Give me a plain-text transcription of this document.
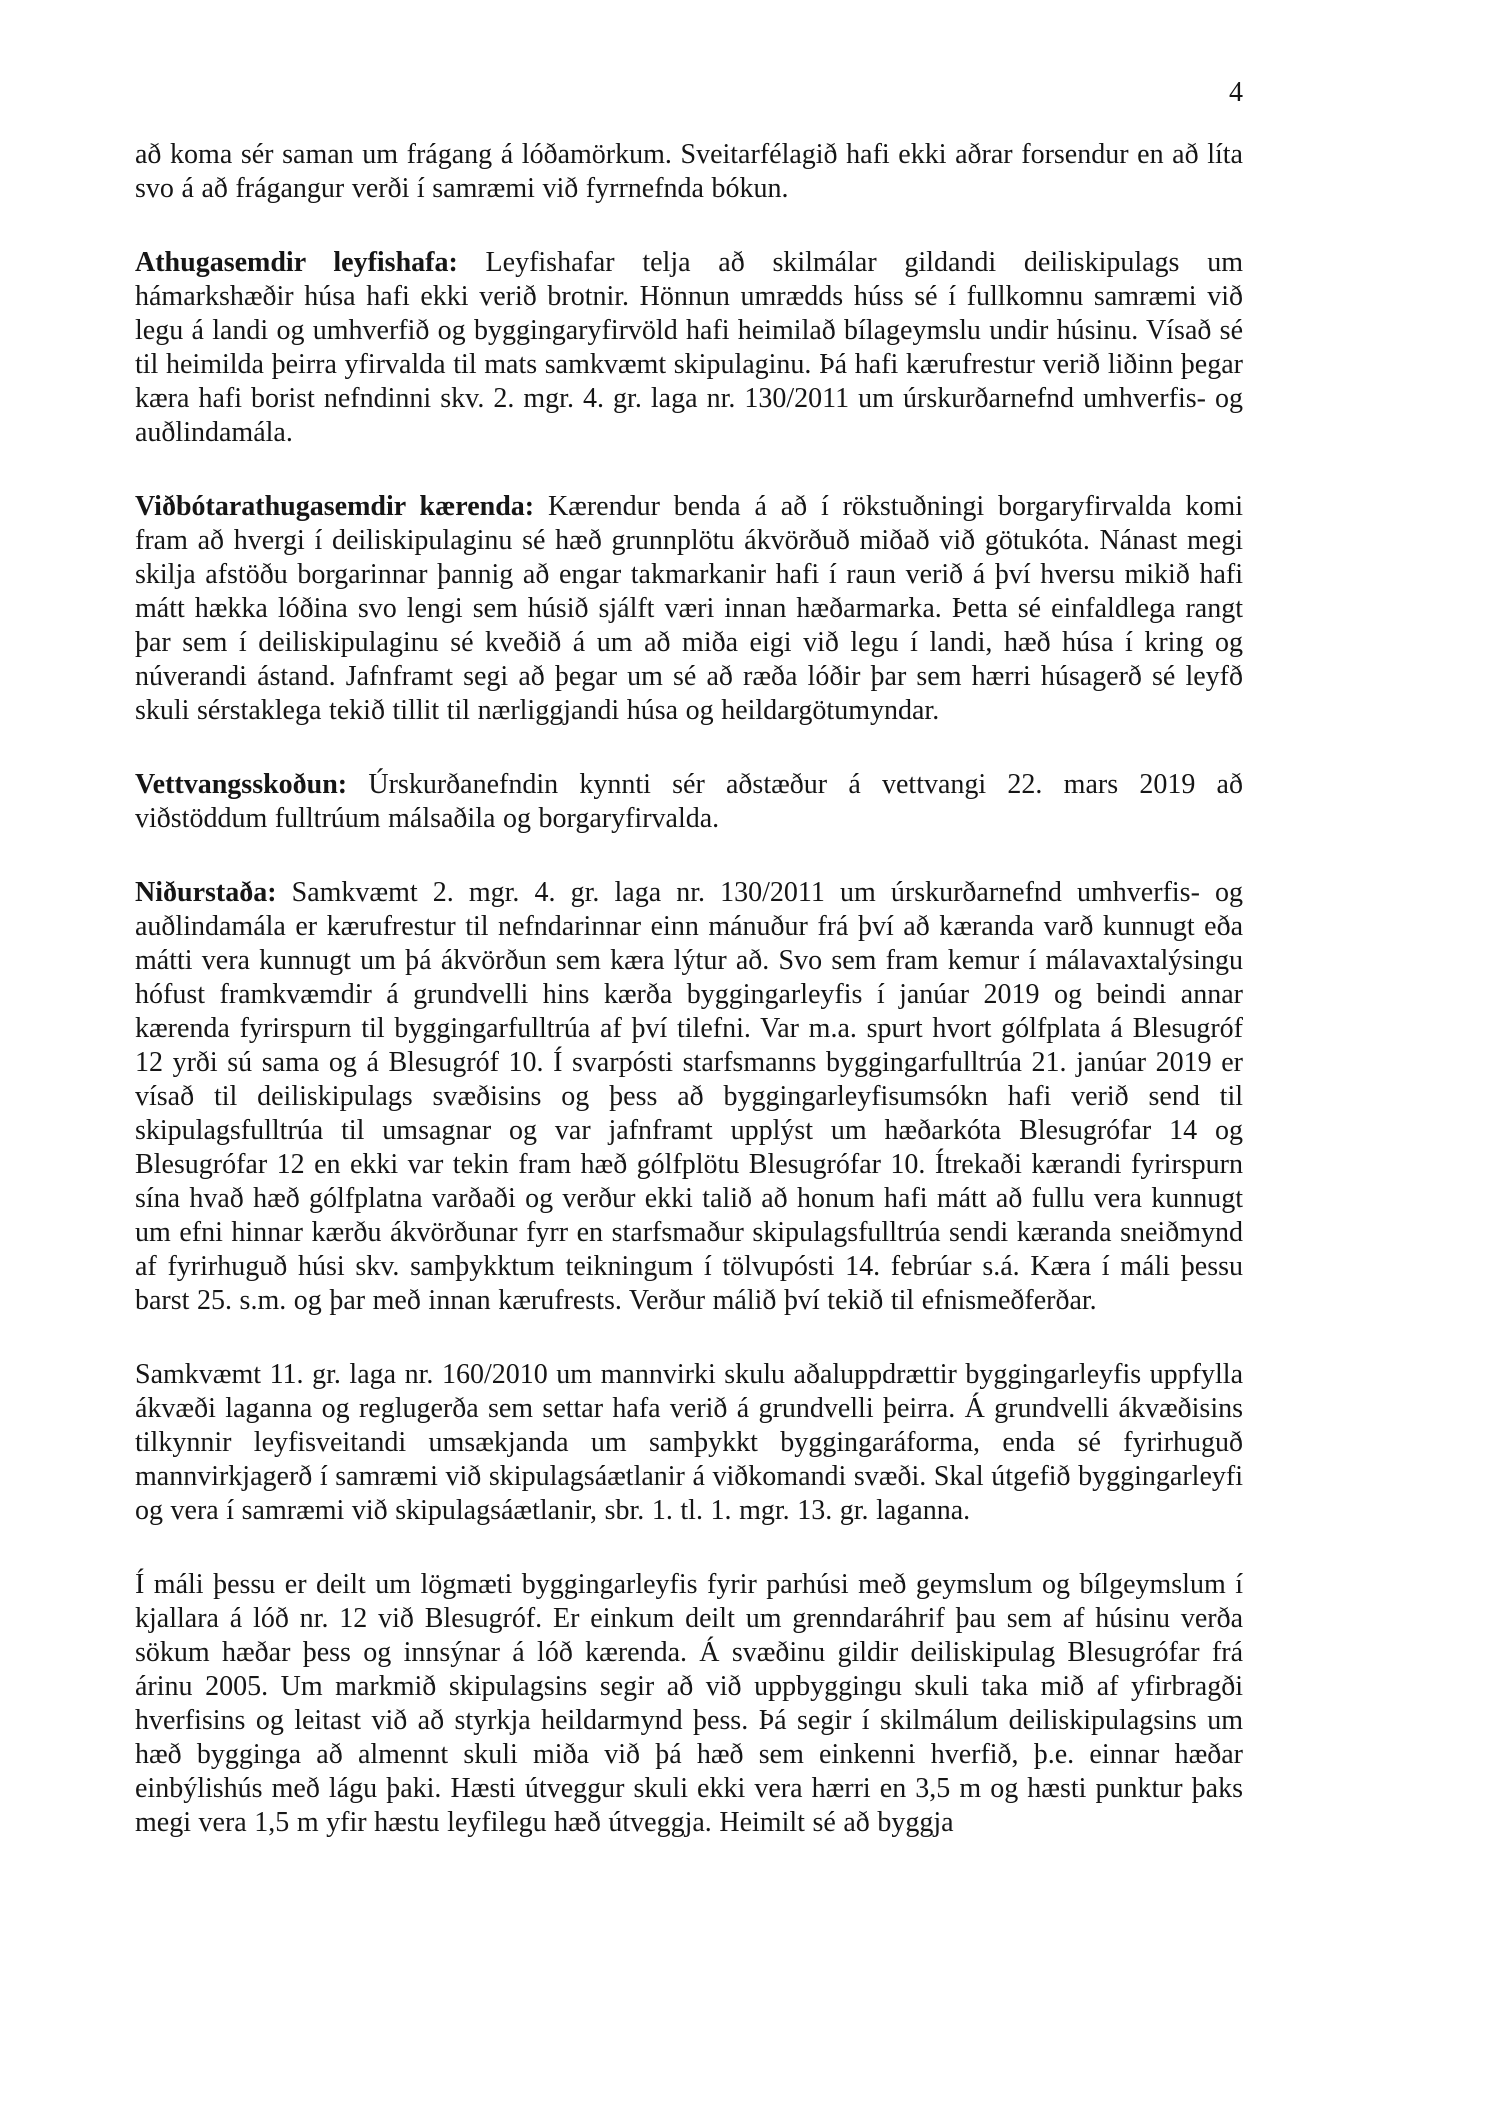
4

að koma sér saman um frágang á lóðamörkum. Sveitarfélagið hafi ekki aðrar forsendur en að líta svo á að frágangur verði í samræmi við fyrrnefnda bókun.

Athugasemdir leyfishafa: Leyfishafar telja að skilmálar gildandi deiliskipulags um hámarkshæðir húsa hafi ekki verið brotnir. Hönnun umrædds húss sé í fullkomnu samræmi við legu á landi og umhverfið og byggingaryfirvöld hafi heimilað bílageymslu undir húsinu. Vísað sé til heimilda þeirra yfirvalda til mats samkvæmt skipulaginu. Þá hafi kærufrestur verið liðinn þegar kæra hafi borist nefndinni skv. 2. mgr. 4. gr. laga nr. 130/2011 um úrskurðarnefnd umhverfis- og auðlindamála.

Viðbótarathugasemdir kærenda: Kærendur benda á að í rökstuðningi borgaryfirvalda komi fram að hvergi í deiliskipulaginu sé hæð grunnplötu ákvörðuð miðað við götukóta. Nánast megi skilja afstöðu borgarinnar þannig að engar takmarkanir hafi í raun verið á því hversu mikið hafi mátt hækka lóðina svo lengi sem húsið sjálft væri innan hæðarmarka. Þetta sé einfaldlega rangt þar sem í deiliskipulaginu sé kveðið á um að miða eigi við legu í landi, hæð húsa í kring og núverandi ástand. Jafnframt segi að þegar um sé að ræða lóðir þar sem hærri húsagerð sé leyfð skuli sérstaklega tekið tillit til nærliggjandi húsa og heildargötumyndar.

Vettvangsskoðun: Úrskurðanefndin kynnti sér aðstæður á vettvangi 22. mars 2019 að viðstöddum fulltrúum málsaðila og borgaryfirvalda.

Niðurstaða: Samkvæmt 2. mgr. 4. gr. laga nr. 130/2011 um úrskurðarnefnd umhverfis- og auðlindamála er kærufrestur til nefndarinnar einn mánuður frá því að kæranda varð kunnugt eða mátti vera kunnugt um þá ákvörðun sem kæra lýtur að. Svo sem fram kemur í málavaxtalýsingu hófust framkvæmdir á grundvelli hins kærða byggingarleyfis í janúar 2019 og beindi annar kærenda fyrirspurn til byggingarfulltrúa af því tilefni. Var m.a. spurt hvort gólfplata á Blesugróf 12 yrði sú sama og á Blesugróf 10. Í svarpósti starfsmanns byggingarfulltrúa 21. janúar 2019 er vísað til deiliskipulags svæðisins og þess að byggingarleyfisumsókn hafi verið send til skipulagsfulltrúa til umsagnar og var jafnframt upplýst um hæðarkóta Blesugrófar 14 og Blesugrófar 12 en ekki var tekin fram hæð gólfplötu Blesugrófar 10. Ítrekaði kærandi fyrirspurn sína hvað hæð gólfplatna varðaði og verður ekki talið að honum hafi mátt að fullu vera kunnugt um efni hinnar kærðu ákvörðunar fyrr en starfsmaður skipulagsfulltrúa sendi kæranda sneiðmynd af fyrirhuguð húsi skv. samþykktum teikningum í tölvupósti 14. febrúar s.á. Kæra í máli þessu barst 25. s.m. og þar með innan kærufrests. Verður málið því tekið til efnismeðferðar.

Samkvæmt 11. gr. laga nr. 160/2010 um mannvirki skulu aðaluppdrættir byggingarleyfis uppfylla ákvæði laganna og reglugerða sem settar hafa verið á grundvelli þeirra. Á grundvelli ákvæðisins tilkynnir leyfisveitandi umsækjanda um samþykkt byggingaráforma, enda sé fyrirhuguð mannvirkjagerð í samræmi við skipulagsáætlanir á viðkomandi svæði. Skal útgefið byggingarleyfi og vera í samræmi við skipulagsáætlanir, sbr. 1. tl. 1. mgr. 13. gr. laganna.

Í máli þessu er deilt um lögmæti byggingarleyfis fyrir parhúsi með geymslum og bílgeymslum í kjallara á lóð nr. 12 við Blesugróf. Er einkum deilt um grenndaráhrif þau sem af húsinu verða sökum hæðar þess og innsýnar á lóð kærenda. Á svæðinu gildir deiliskipulag Blesugrófar frá árinu 2005. Um markmið skipulagsins segir að við uppbyggingu skuli taka mið af yfirbragði hverfisins og leitast við að styrkja heildarmynd þess. Þá segir í skilmálum deiliskipulagsins um hæð bygginga að almennt skuli miða við þá hæð sem einkenni hverfið, þ.e. einnar hæðar einbýlishús með lágu þaki. Hæsti útveggur skuli ekki vera hærri en 3,5 m og hæsti punktur þaks megi vera 1,5 m yfir hæstu leyfilegu hæð útveggja. Heimilt sé að byggja
